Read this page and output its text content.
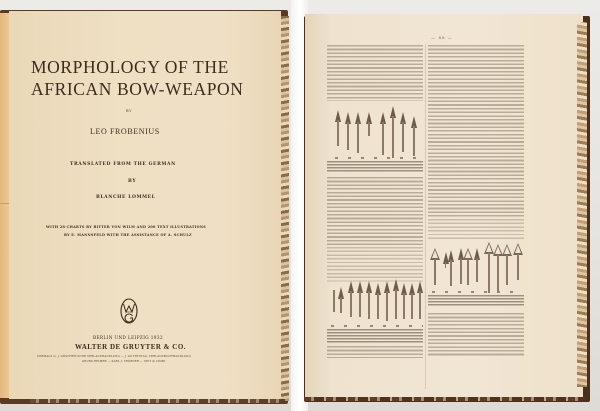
MORPHOLOGY OF THE
AFRICAN BOW-WEAPON
BY
LEO FROBENIUS
TRANSLATED FROM THE GERMAN
BY
BLANCHE LOMMEL
WITH 28 CHARTS BY RITTER VON WILM AND 200 TEXT ILLUSTRATIONS
BY E. MANNSFELD WITH THE ASSISTANCE OF A. SCHULZ
BERLIN UND LEIPZIG 1932
WALTER DE GRUYTER & CO.
VORMALS G. J. GÖSCHEN'SCHE VERLAGSHANDLUNG — J. GUTTENTAG, VERLAGSBUCHHANDLUNG
GEORG REIMER — KARL J. TRÜBNER — VEIT & COMP.
— 88 —
